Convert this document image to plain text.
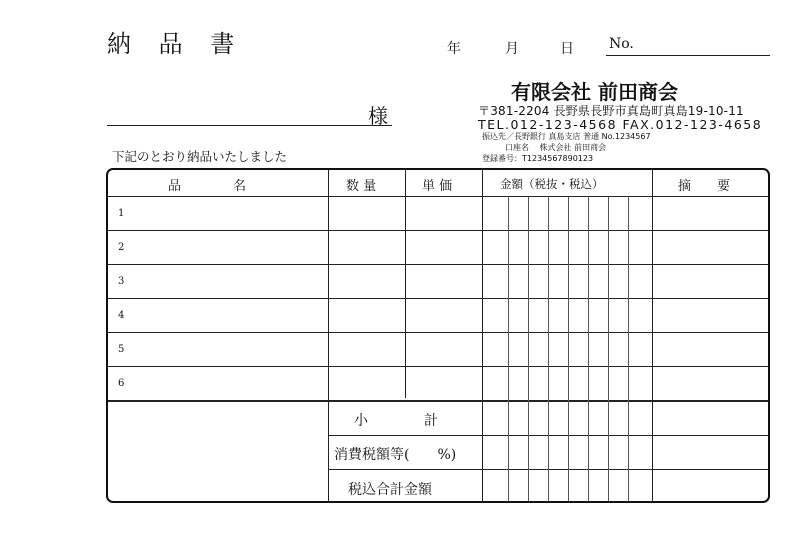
納 品 書	年	月	日	No.
様
有限会社 前田商会
〒381-2204 長野県長野市真島町真島19-10-11
TEL.012-123-4568 FAX.012-123-4658
振込先／長野銀行 真島支店 普通 No.1234567
口座名　 株式会社 前田商会
登録番号：T1234567890123
下記のとおり納品いたしました
品　　　　名	数 量	単 価	金額（税抜・税込）	摘　　要
1
2
3
4
5
6
小　　　　計
消費税額等(　　%)
税込合計金額
